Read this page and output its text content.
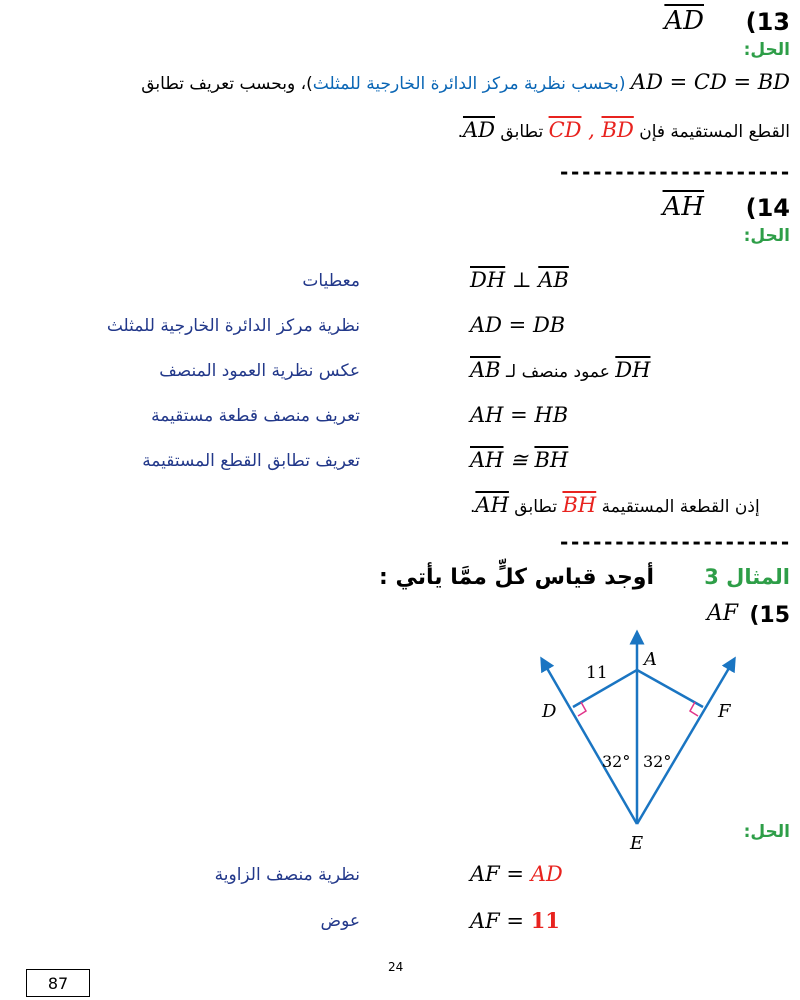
$\overline{AD}$ (13
الحل:
AD = CD = BD (بحسب نظرية مركز الدائرة الخارجية للمثلث)، وبحسب تعريف تطابق
القطع المستقيمة فإن $\overline{CD}$ , $\overline{BD}$ تطابق $\overline{AD}$.
---------------------
$\overline{AH}$ (14
الحل:
$\overline{DH}$ ⊥ $\overline{AB}$
معطيات
AD = DB
نظرية مركز الدائرة الخارجية للمثلث
DH عمود منصف لـ AB
عكس نظرية العمود المنصف
AH = HB
تعريف منصف قطعة مستقيمة
$\overline{AH}$ ≅ $\overline{BH}$
تعريف تطابق القطع المستقيمة
إذن القطعة المستقيمة BH تطابق AH.
---------------------
المثال 3  أوجد قياس كلٍّ ممَّا يأتي :
AF (15
A
D	F
E
11
32° 32°
الحل:
AF = AD
نظرية منصف الزاوية
AF = 11
عوض
24
87
